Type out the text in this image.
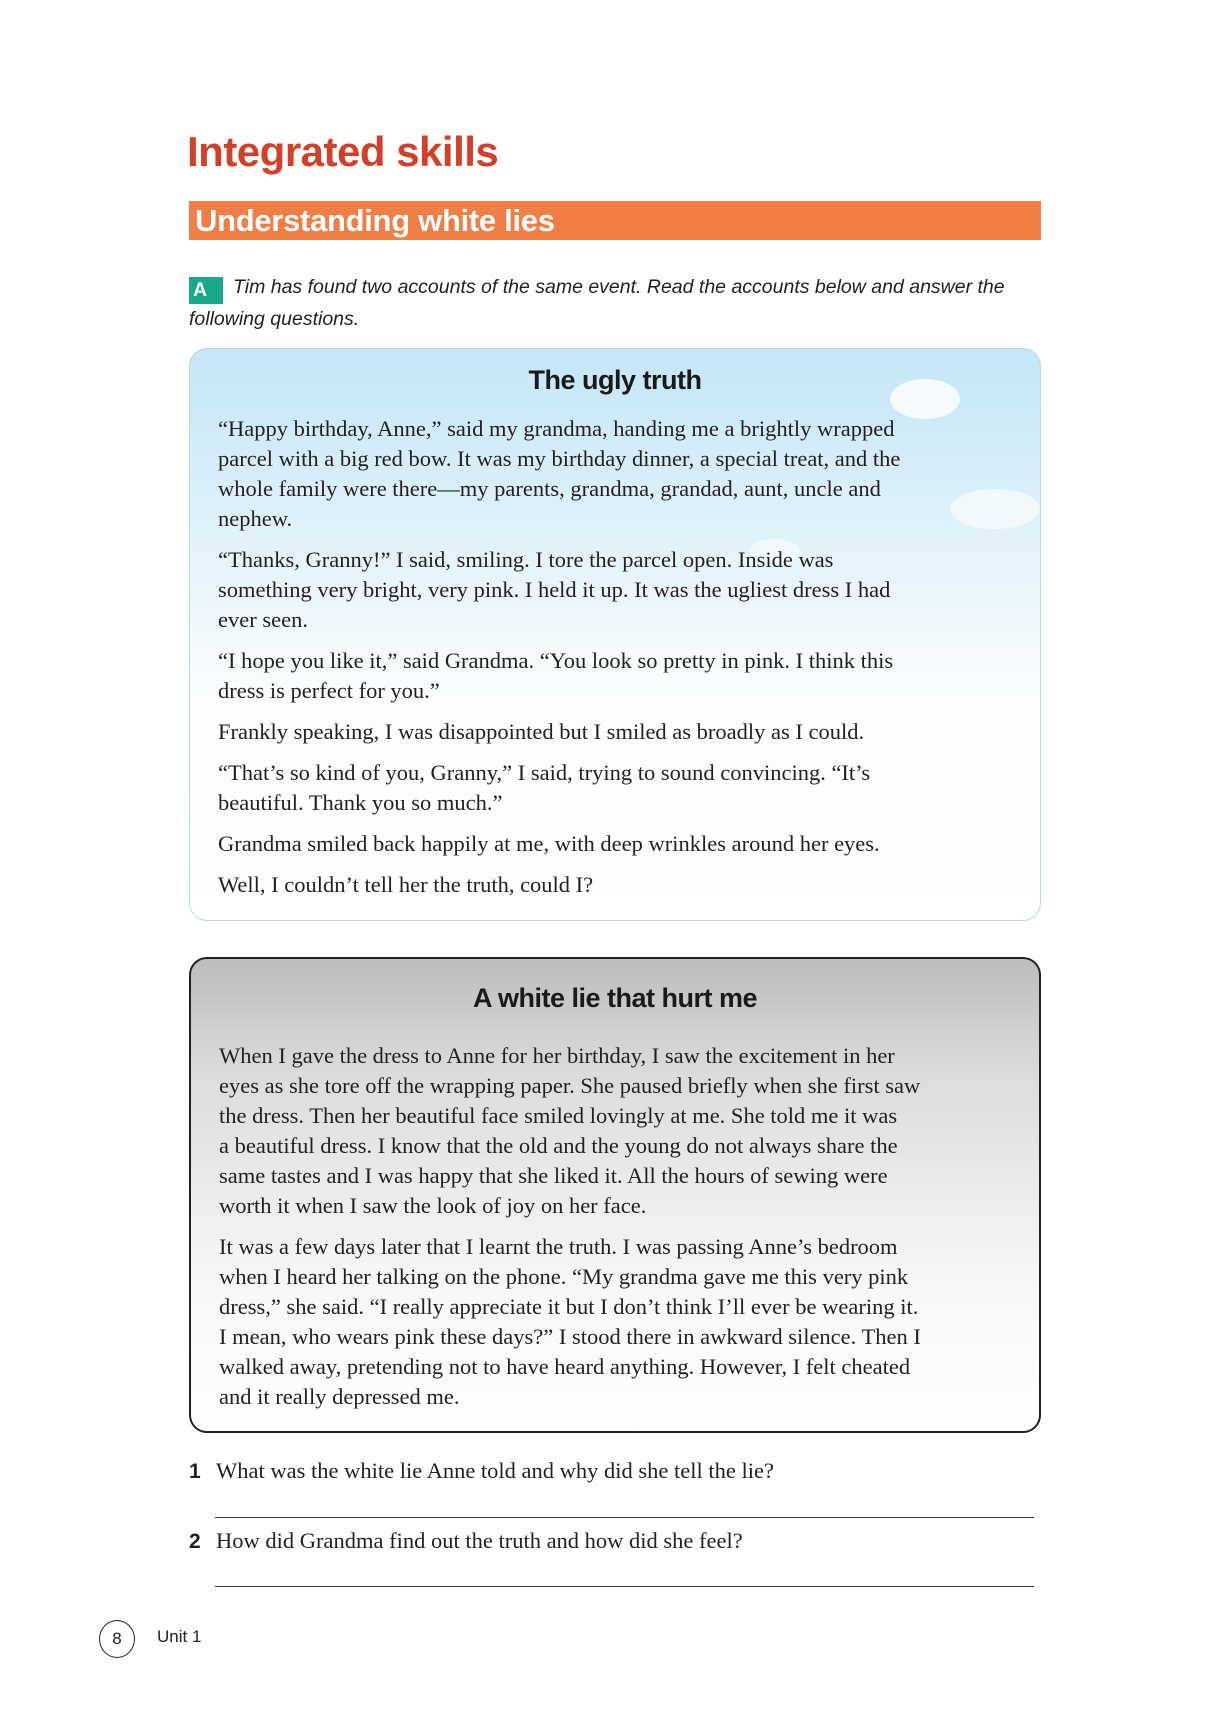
Integrated skills
Understanding white lies
A Tim has found two accounts of the same event. Read the accounts below and answer the following questions.
The ugly truth
“Happy birthday, Anne,” said my grandma, handing me a brightly wrapped
parcel with a big red bow. It was my birthday dinner, a special treat, and the
whole family were there—my parents, grandma, grandad, aunt, uncle and
nephew.
“Thanks, Granny!” I said, smiling. I tore the parcel open. Inside was
something very bright, very pink. I held it up. It was the ugliest dress I had
ever seen.
“I hope you like it,” said Grandma. “You look so pretty in pink. I think this
dress is perfect for you.”
Frankly speaking, I was disappointed but I smiled as broadly as I could.
“That’s so kind of you, Granny,” I said, trying to sound convincing. “It’s
beautiful. Thank you so much.”
Grandma smiled back happily at me, with deep wrinkles around her eyes.
Well, I couldn’t tell her the truth, could I?
A white lie that hurt me
When I gave the dress to Anne for her birthday, I saw the excitement in her
eyes as she tore off the wrapping paper. She paused briefly when she first saw
the dress. Then her beautiful face smiled lovingly at me. She told me it was
a beautiful dress. I know that the old and the young do not always share the
same tastes and I was happy that she liked it. All the hours of sewing were
worth it when I saw the look of joy on her face.
It was a few days later that I learnt the truth. I was passing Anne’s bedroom
when I heard her talking on the phone. “My grandma gave me this very pink
dress,” she said. “I really appreciate it but I don’t think I’ll ever be wearing it.
I mean, who wears pink these days?” I stood there in awkward silence. Then I
walked away, pretending not to have heard anything. However, I felt cheated
and it really depressed me.
1 What was the white lie Anne told and why did she tell the lie?
2 How did Grandma find out the truth and how did she feel?
8	Unit 1
